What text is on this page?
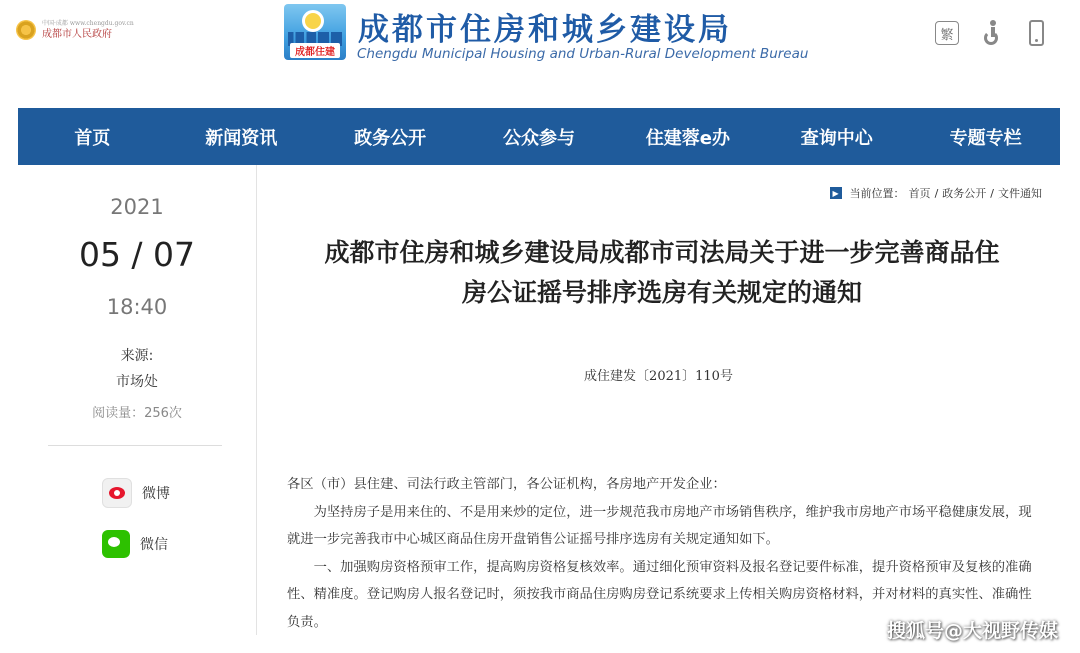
中国·成都 www.chengdu.gov.cn
成都市人民政府
成都住建
成都市住房和城乡建设局
Chengdu Municipal Housing and Urban-Rural Development Bureau
繁
首页	新闻资讯	政务公开	公众参与	住建蓉e办	查询中心	专题专栏
2021
05 / 07
18:40
来源:
市场处
阅读量：256次
微博
微信
▶ 当前位置： 首页 / 政务公开 / 文件通知
成都市住房和城乡建设局成都市司法局关于进一步完善商品住
房公证摇号排序选房有关规定的通知
成住建发〔2021〕110号

各区（市）县住建、司法行政主管部门，各公证机构，各房地产开发企业：

为坚持房子是用来住的、不是用来炒的定位，进一步规范我市房地产市场销售秩序，维护我市房地产市场平稳健康发展，现就进一步完善我市中心城区商品住房开盘销售公证摇号排序选房有关规定通知如下。

一、加强购房资格预审工作，提高购房资格复核效率。通过细化预审资料及报名登记要件标准，提升资格预审及复核的准确性、精准度。登记购房人报名登记时，须按我市商品住房购房登记系统要求上传相关购房资格材料，并对材料的真实性、准确性负责。	搜狐号@大视野传媒
